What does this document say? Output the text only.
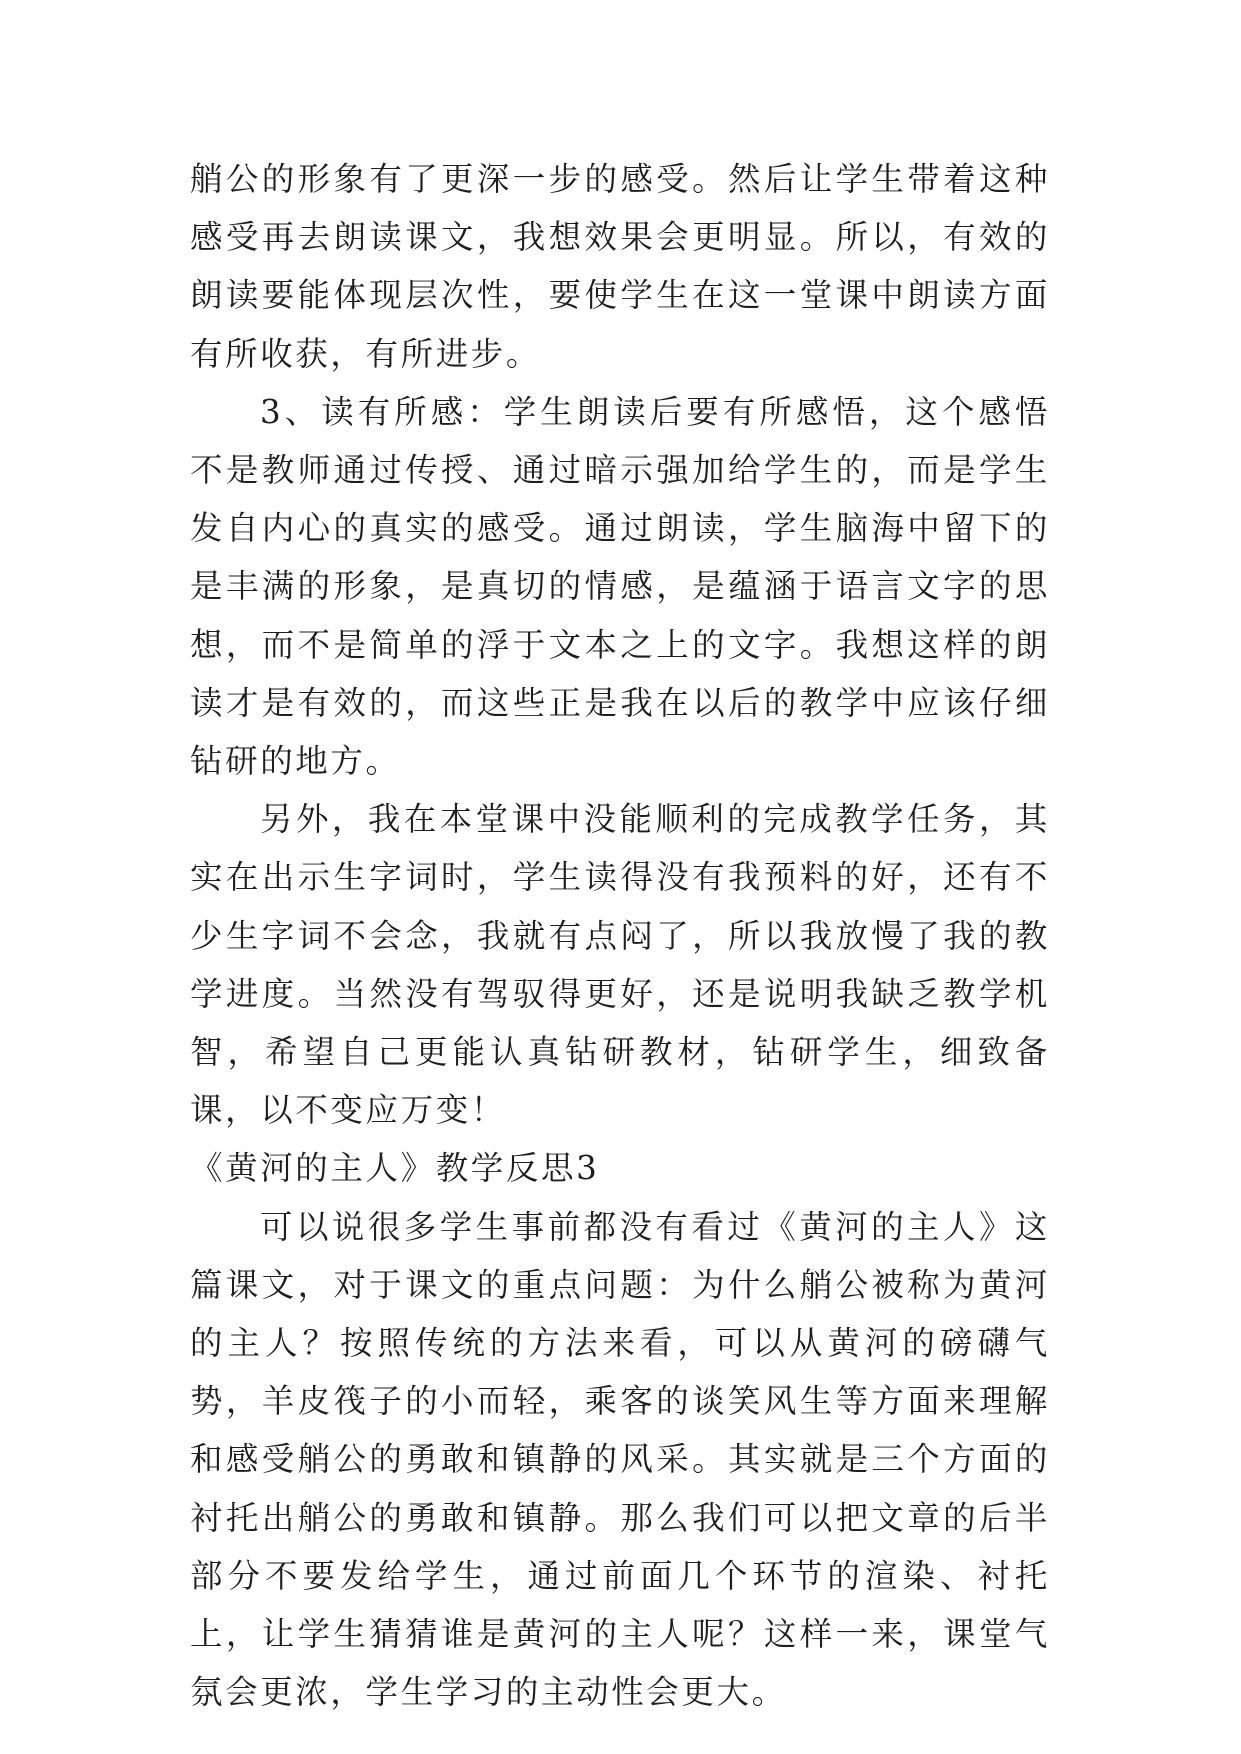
艄公的形象有了更深一步的感受。然后让学生带着这种感受再去朗读课文，我想效果会更明显。所以，有效的朗读要能体现层次性，要使学生在这一堂课中朗读方面有所收获，有所进步。

3、读有所感：学生朗读后要有所感悟，这个感悟不是教师通过传授、通过暗示强加给学生的，而是学生发自内心的真实的感受。通过朗读，学生脑海中留下的是丰满的形象，是真切的情感，是蕴涵于语言文字的思想，而不是简单的浮于文本之上的文字。我想这样的朗读才是有效的，而这些正是我在以后的教学中应该仔细钻研的地方。

另外，我在本堂课中没能顺利的完成教学任务，其实在出示生字词时，学生读得没有我预料的好，还有不少生字词不会念，我就有点闷了，所以我放慢了我的教学进度。当然没有驾驭得更好，还是说明我缺乏教学机智，希望自己更能认真钻研教材，钻研学生，细致备课，以不变应万变！

《黄河的主人》教学反思3

可以说很多学生事前都没有看过《黄河的主人》这篇课文，对于课文的重点问题：为什么艄公被称为黄河的主人？按照传统的方法来看，可以从黄河的磅礴气势，羊皮筏子的小而轻，乘客的谈笑风生等方面来理解和感受艄公的勇敢和镇静的风采。其实就是三个方面的衬托出艄公的勇敢和镇静。那么我们可以把文章的后半部分不要发给学生，通过前面几个环节的渲染、衬托上，让学生猜猜谁是黄河的主人呢？这样一来，课堂气氛会更浓，学生学习的主动性会更大。
